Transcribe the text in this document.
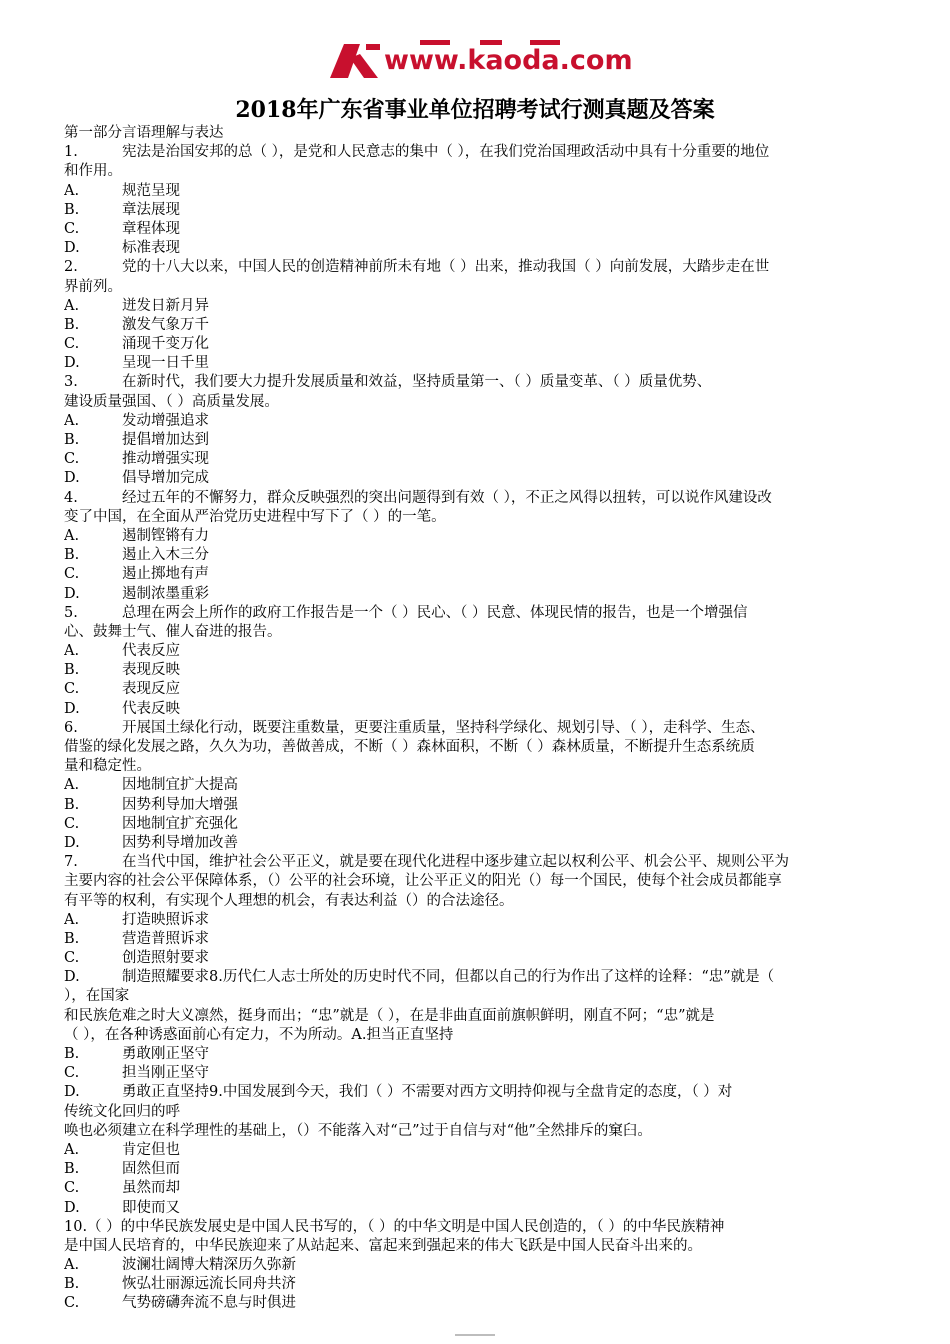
www.kaoda.com
2018年广东省事业单位招聘考试行测真题及答案
第一部分言语理解与表达
1.	宪法是治国安邦的总（ ），是党和人民意志的集中（ ），在我们党治国理政活动中具有十分重要的地位
和作用。
A.	规范呈现
B.	章法展现
C.	章程体现
D.	标准表现
2.	党的十八大以来，中国人民的创造精神前所未有地（ ）出来，推动我国（ ）向前发展，大踏步走在世
界前列。
A.	迸发日新月异
B.	激发气象万千
C.	涌现千变万化
D.	呈现一日千里
3.	在新时代，我们要大力提升发展质量和效益，坚持质量第一、（ ）质量变革、（ ）质量优势、
建设质量强国、（ ）高质量发展。
A.	发动增强追求
B.	提倡增加达到
C.	推动增强实现
D.	倡导增加完成
4.	经过五年的不懈努力，群众反映强烈的突出问题得到有效（ ），不正之风得以扭转，可以说作风建设改
变了中国，在全面从严治党历史进程中写下了（ ）的一笔。
A.	遏制铿锵有力
B.	遏止入木三分
C.	遏止掷地有声
D.	遏制浓墨重彩
5.	总理在两会上所作的政府工作报告是一个（ ）民心、（ ）民意、体现民情的报告，也是一个增强信
心、鼓舞士气、催人奋进的报告。
A.	代表反应
B.	表现反映
C.	表现反应
D.	代表反映
6.	开展国土绿化行动，既要注重数量，更要注重质量，坚持科学绿化、规划引导、（ ），走科学、生态、
借鉴的绿化发展之路，久久为功，善做善成，不断（ ）森林面积，不断（ ）森林质量，不断提升生态系统质
量和稳定性。
A.	因地制宜扩大提高
B.	因势利导加大增强
C.	因地制宜扩充强化
D.	因势利导增加改善
7.	在当代中国，维护社会公平正义，就是要在现代化进程中逐步建立起以权利公平、机会公平、规则公平为
主要内容的社会公平保障体系，（）公平的社会环境，让公平正义的阳光（）每一个国民，使每个社会成员都能享
有平等的权利，有实现个人理想的机会，有表达利益（）的合法途径。
A.	打造映照诉求
B.	营造普照诉求
C.	创造照射要求
D.	制造照耀要求8.历代仁人志士所处的历史时代不同，但都以自己的行为作出了这样的诠释：“忠”就是（
），在国家
和民族危难之时大义凛然，挺身而出；“忠”就是（ ），在是非曲直面前旗帜鲜明，刚直不阿；“忠”就是
（ ），在各种诱惑面前心有定力，不为所动。A.担当正直坚持
B.	勇敢刚正坚守
C.	担当刚正坚守
D.	勇敢正直坚持9.中国发展到今天，我们（ ）不需要对西方文明持仰视与全盘肯定的态度，（ ）对
传统文化回归的呼
唤也必须建立在科学理性的基础上，（）不能落入对“己”过于自信与对“他”全然排斥的窠臼。
A.	肯定但也
B.	固然但而
C.	虽然而却
D.	即使而又
10.（ ）的中华民族发展史是中国人民书写的，（ ）的中华文明是中国人民创造的，（ ）的中华民族精神
是中国人民培育的，中华民族迎来了从站起来、富起来到强起来的伟大飞跃是中国人民奋斗出来的。
A.	波澜壮阔博大精深历久弥新
B.	恢弘壮丽源远流长同舟共济
C.	气势磅礴奔流不息与时俱进
